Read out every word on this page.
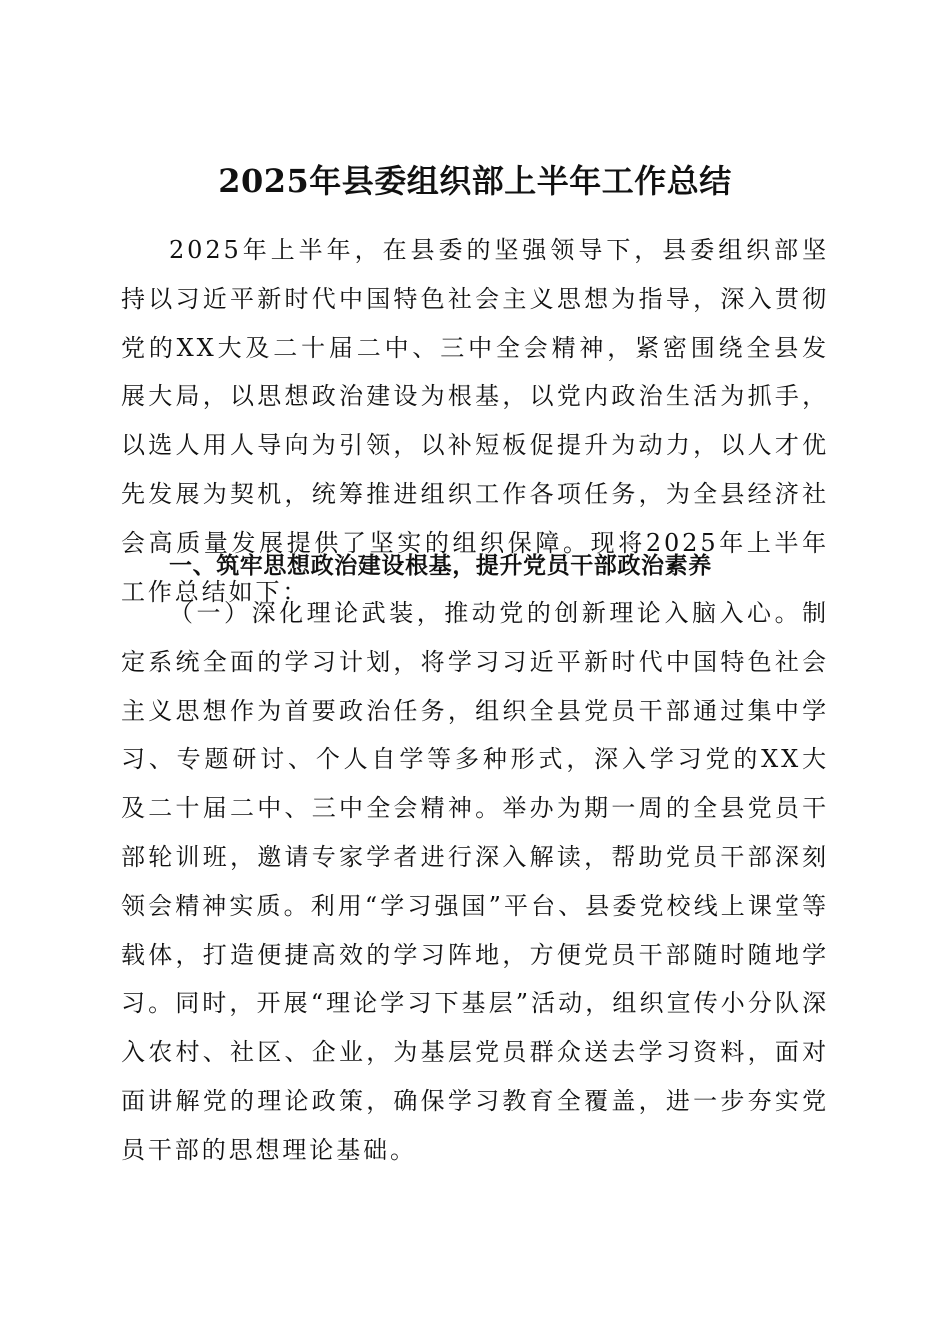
2025年县委组织部上半年工作总结

2025年上半年，在县委的坚强领导下，县委组织部坚持以习近平新时代中国特色社会主义思想为指导，深入贯彻党的XX大及二十届二中、三中全会精神，紧密围绕全县发展大局，以思想政治建设为根基，以党内政治生活为抓手，以选人用人导向为引领，以补短板促提升为动力，以人才优先发展为契机，统筹推进组织工作各项任务，为全县经济社会高质量发展提供了坚实的组织保障。现将2025年上半年工作总结如下：

一、筑牢思想政治建设根基，提升党员干部政治素养

（一）深化理论武装，推动党的创新理论入脑入心。制定系统全面的学习计划，将学习习近平新时代中国特色社会主义思想作为首要政治任务，组织全县党员干部通过集中学习、专题研讨、个人自学等多种形式，深入学习党的XX大及二十届二中、三中全会精神。举办为期一周的全县党员干部轮训班，邀请专家学者进行深入解读，帮助党员干部深刻领会精神实质。利用“学习强国”平台、县委党校线上课堂等载体，打造便捷高效的学习阵地，方便党员干部随时随地学习。同时，开展“理论学习下基层”活动，组织宣传小分队深入农村、社区、企业，为基层党员群众送去学习资料，面对面讲解党的理论政策，确保学习教育全覆盖，进一步夯实党员干部的思想理论基础。
